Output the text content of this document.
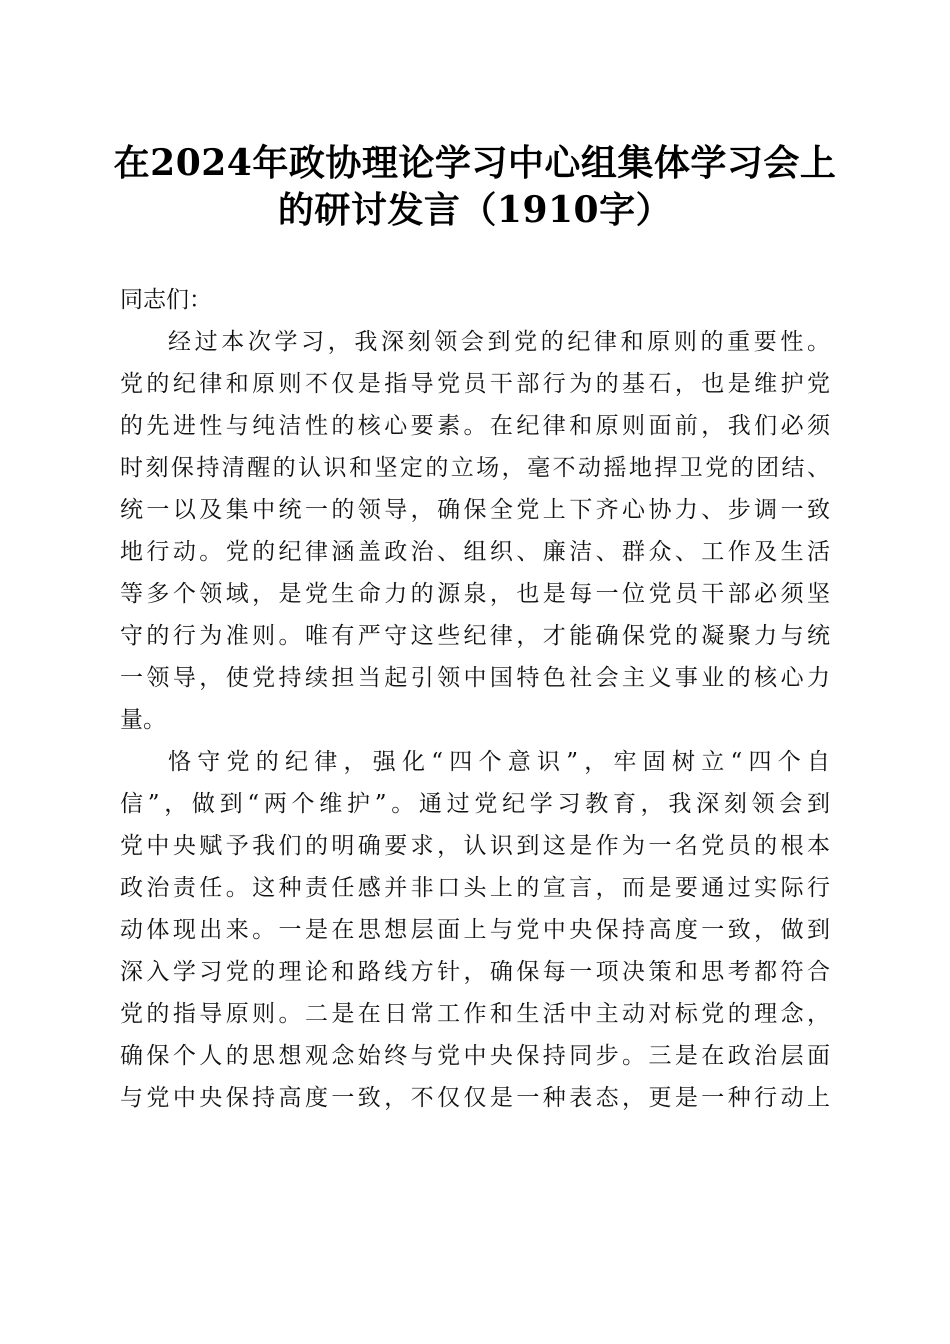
在2024年政协理论学习中心组集体学习会上
的研讨发言（1910字）
同志们：
经过本次学习，我深刻领会到党的纪律和原则的重要性。
党的纪律和原则不仅是指导党员干部行为的基石，也是维护党
的先进性与纯洁性的核心要素。在纪律和原则面前，我们必须
时刻保持清醒的认识和坚定的立场，毫不动摇地捍卫党的团结、
统一以及集中统一的领导，确保全党上下齐心协力、步调一致
地行动。党的纪律涵盖政治、组织、廉洁、群众、工作及生活
等多个领域，是党生命力的源泉，也是每一位党员干部必须坚
守的行为准则。唯有严守这些纪律，才能确保党的凝聚力与统
一领导，使党持续担当起引领中国特色社会主义事业的核心力
量。
恪守党的纪律，强化“四个意识”，牢固树立“四个自
信”，做到“两个维护”。通过党纪学习教育，我深刻领会到
党中央赋予我们的明确要求，认识到这是作为一名党员的根本
政治责任。这种责任感并非口头上的宣言，而是要通过实际行
动体现出来。一是在思想层面上与党中央保持高度一致，做到
深入学习党的理论和路线方针，确保每一项决策和思考都符合
党的指导原则。二是在日常工作和生活中主动对标党的理念，
确保个人的思想观念始终与党中央保持同步。三是在政治层面
与党中央保持高度一致，不仅仅是一种表态，更是一种行动上
